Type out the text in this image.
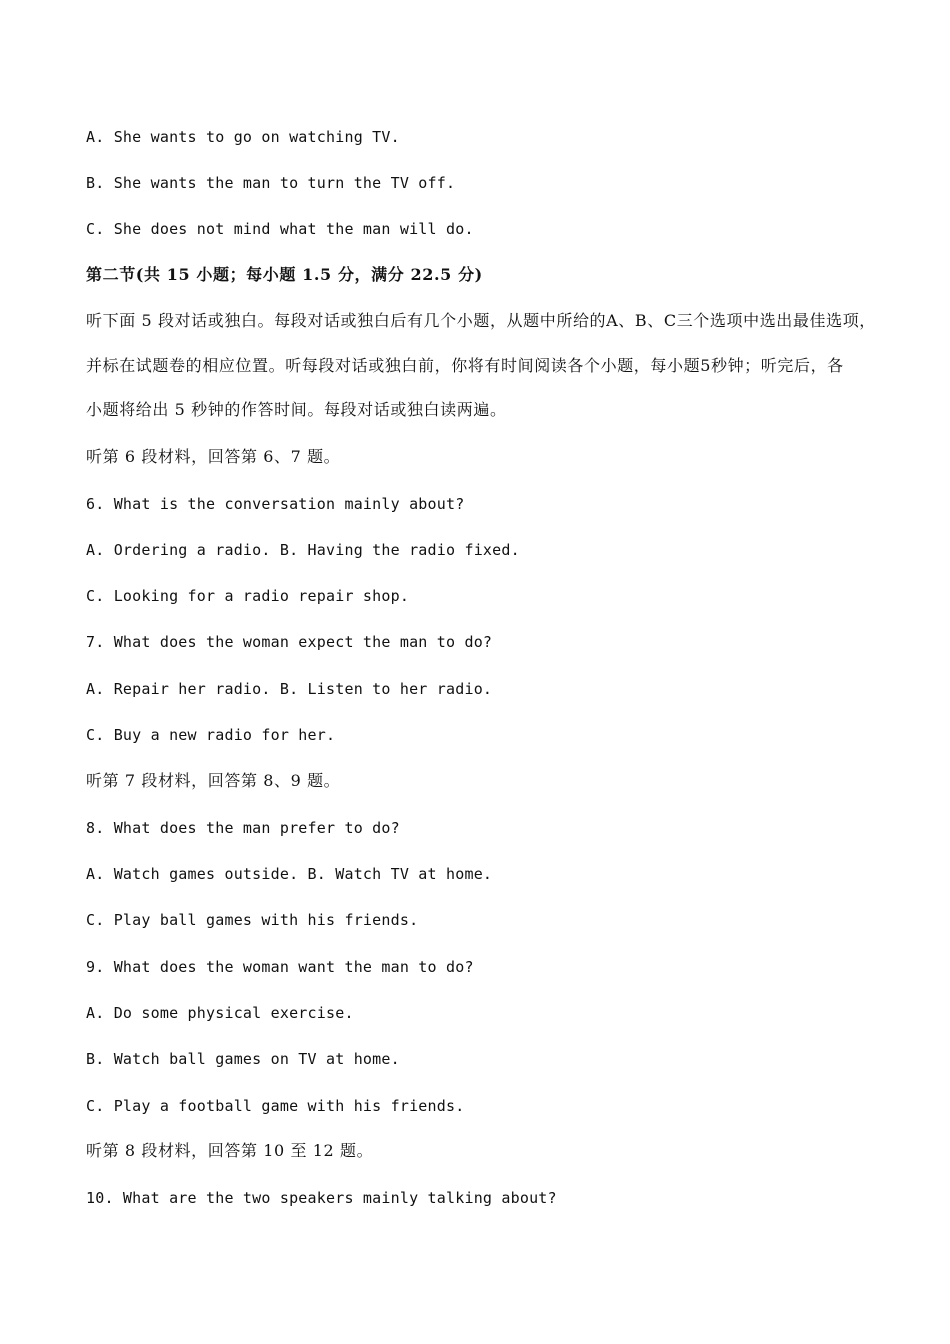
A. She wants to go on watching TV.
B. She wants the man to turn the TV off.
C. She does not mind what the man will do.
第二节(共 15 小题；每小题 1.5 分，满分 22.5 分)
听下面 5 段对话或独白。每段对话或独白后有几个小题，从题中所给的A、B、C三个选项中选出最佳选项，
并标在试题卷的相应位置。听每段对话或独白前，你将有时间阅读各个小题，每小题5秒钟；听完后，各
小题将给出 5 秒钟的作答时间。每段对话或独白读两遍。
听第 6 段材料，回答第 6、7 题。
6. What is the conversation mainly about?
A. Ordering a radio. B. Having the radio fixed.
C. Looking for a radio repair shop.
7. What does the woman expect the man to do?
A. Repair her radio. B. Listen to her radio.
C. Buy a new radio for her.
听第 7 段材料，回答第 8、9 题。
8. What does the man prefer to do?
A. Watch games outside. B. Watch TV at home.
C. Play ball games with his friends.
9. What does the woman want the man to do?
A. Do some physical exercise.
B. Watch ball games on TV at home.
C. Play a football game with his friends.
听第 8 段材料，回答第 10 至 12 题。
10. What are the two speakers mainly talking about?
